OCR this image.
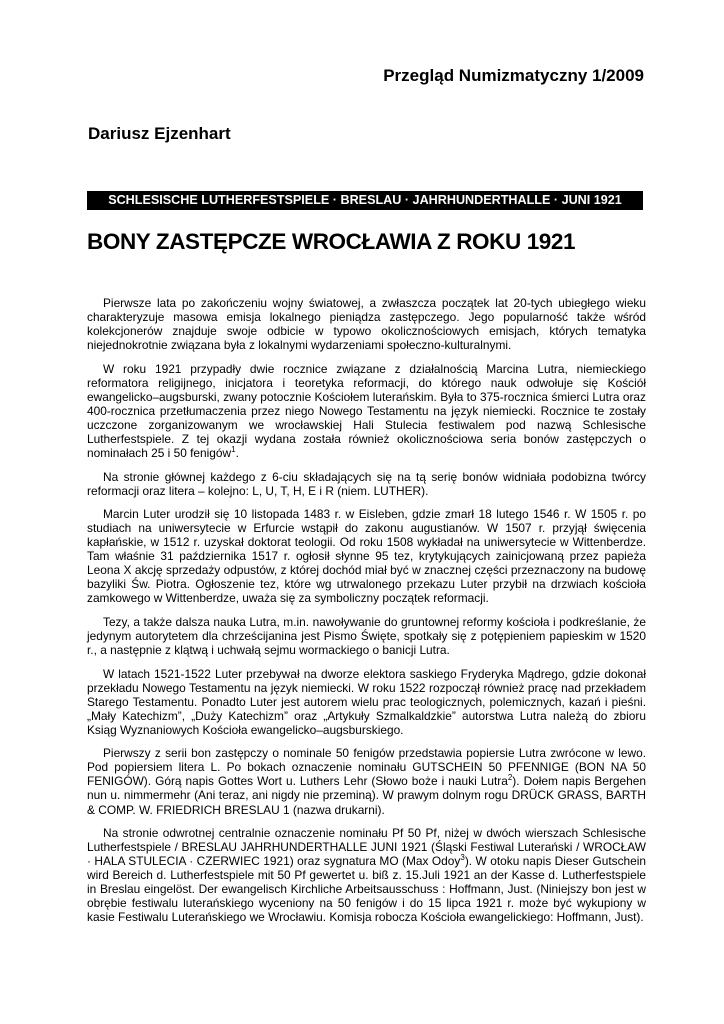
Przegląd Numizmatyczny 1/2009
Dariusz Ejzenhart
SCHLESISCHE LUTHERFESTSPIELE · BRESLAU · JAHRHUNDERTHALLE · JUNI 1921
BONY ZASTĘPCZE WROCŁAWIA Z ROKU 1921

Pierwsze lata po zakończeniu wojny światowej, a zwłaszcza początek lat 20-tych ubiegłego wieku charakteryzuje masowa emisja lokalnego pieniądza zastępczego. Jego popularność także wśród kolekcjonerów znajduje swoje odbicie w typowo okolicznościowych emisjach, których tematyka niejednokrotnie związana była z lokalnymi wydarzeniami społeczno-kulturalnymi.

W roku 1921 przypadły dwie rocznice związane z działalnością Marcina Lutra, niemieckiego reformatora religijnego, inicjatora i teoretyka reformacji, do którego nauk odwołuje się Kościół ewangelicko–augsburski, zwany potocznie Kościołem luterańskim. Była to 375-rocznica śmierci Lutra oraz 400-rocznica przetłumaczenia przez niego Nowego Testamentu na język niemiecki. Rocznice te zostały uczczone zorganizowanym we wrocławskiej Hali Stulecia festiwalem pod nazwą Schlesische Lutherfestspiele. Z tej okazji wydana została również okolicznościowa seria bonów zastępczych o nominałach 25 i 50 fenigów$^1$.

Na stronie głównej każdego z 6-ciu składających się na tą serię bonów widniała podobizna twórcy reformacji oraz litera – kolejno: L, U, T, H, E i R (niem. LUTHER).

Marcin Luter urodził się 10 listopada 1483 r. w Eisleben, gdzie zmarł 18 lutego 1546 r. W 1505 r. po studiach na uniwersytecie w Erfurcie wstąpił do zakonu augustianów. W 1507 r. przyjął święcenia kapłańskie, w 1512 r. uzyskał doktorat teologii. Od roku 1508 wykładał na uniwersytecie w Wittenberdze. Tam właśnie 31 października 1517 r. ogłosił słynne 95 tez, krytykujących zainicjowaną przez papieża Leona X akcję sprzedaży odpustów, z której dochód miał być w znacznej części przeznaczony na budowę bazyliki Św. Piotra. Ogłoszenie tez, które wg utrwalonego przekazu Luter przybił na drzwiach kościoła zamkowego w Wittenberdze, uważa się za symboliczny początek reformacji.

Tezy, a także dalsza nauka Lutra, m.in. nawoływanie do gruntownej reformy kościoła i podkreślanie, że jedynym autorytetem dla chrześcijanina jest Pismo Święte, spotkały się z potępieniem papieskim w 1520 r., a następnie z klątwą i uchwałą sejmu wormackiego o banicji Lutra.

W latach 1521-1522 Luter przebywał na dworze elektora saskiego Fryderyka Mądrego, gdzie dokonał przekładu Nowego Testamentu na język niemiecki. W roku 1522 rozpoczął również pracę nad przekładem Starego Testamentu. Ponadto Luter jest autorem wielu prac teologicznych, polemicznych, kazań i pieśni. „Mały Katechizm”, „Duży Katechizm” oraz „Artykuły Szmalkaldzkie” autorstwa Lutra należą do zbioru Ksiąg Wyznaniowych Kościoła ewangelicko–augsburskiego.

Pierwszy z serii bon zastępczy o nominale 50 fenigów przedstawia popiersie Lutra zwrócone w lewo. Pod popiersiem litera L. Po bokach oznaczenie nominału GUTSCHEIN 50 PFENNIGE (BON NA 50 FENIGÓW). Górą napis Gottes Wort u. Luthers Lehr (Słowo boże i nauki Lutra$^2$). Dołem napis Bergehen nun u. nimmermehr (Ani teraz, ani nigdy nie przeminą). W prawym dolnym rogu DRÜCK GRASS, BARTH & COMP. W. FRIEDRICH BRESLAU 1 (nazwa drukarni).

Na stronie odwrotnej centralnie oznaczenie nominału Pf 50 Pf, niżej w dwóch wierszach Schlesische Lutherfestspiele / BRESLAU JAHRHUNDERTHALLE JUNI 1921 (Śląski Festiwal Luterański / WROCŁAW · HALA STULECIA · CZERWIEC 1921) oraz sygnatura MO (Max Odoy$^3$). W otoku napis Dieser Gutschein wird Bereich d. Lutherfestspiele mit 50 Pf gewertet u. biß z. 15.Juli 1921 an der Kasse d. Lutherfestspiele in Breslau eingelöst. Der ewangelisch Kirchliche Arbeitsausschuss : Hoffmann, Just. (Niniejszy bon jest w obrębie festiwalu luterańskiego wyceniony na 50 fenigów i do 15 lipca 1921 r. może być wykupiony w kasie Festiwalu Luterańskiego we Wrocławiu. Komisja robocza Kościoła ewangelickiego: Hoffmann, Just).
